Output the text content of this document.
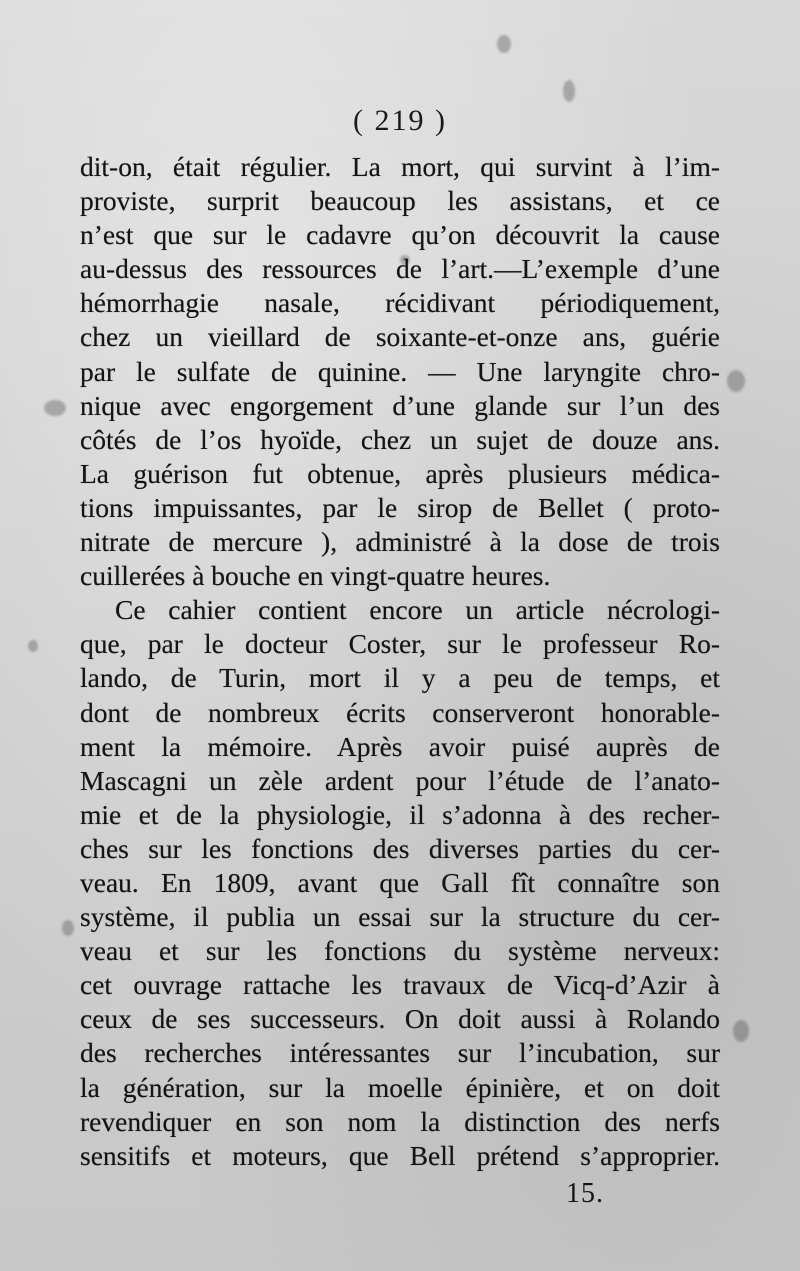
( 219 )
dit-on, était régulier. La mort, qui survint à l’im-
proviste, surprit beaucoup les assistans, et ce
n’est que sur le cadavre qu’on découvrit la cause
au-dessus des ressources de l’art.—L’exemple d’une
hémorrhagie nasale, récidivant périodiquement,
chez un vieillard de soixante-et-onze ans, guérie
par le sulfate de quinine. — Une laryngite chro-
nique avec engorgement d’une glande sur l’un des
côtés de l’os hyoïde, chez un sujet de douze ans.
La guérison fut obtenue, après plusieurs médica-
tions impuissantes, par le sirop de Bellet ( proto-
nitrate de mercure ), administré à la dose de trois
cuillerées à bouche en vingt-quatre heures.
Ce cahier contient encore un article nécrologi-
que, par le docteur Coster, sur le professeur Ro-
lando, de Turin, mort il y a peu de temps, et
dont de nombreux écrits conserveront honorable-
ment la mémoire. Après avoir puisé auprès de
Mascagni un zèle ardent pour l’étude de l’anato-
mie et de la physiologie, il s’adonna à des recher-
ches sur les fonctions des diverses parties du cer-
veau. En 1809, avant que Gall fît connaître son
système, il publia un essai sur la structure du cer-
veau et sur les fonctions du système nerveux:
cet ouvrage rattache les travaux de Vicq-d’Azir à
ceux de ses successeurs. On doit aussi à Rolando
des recherches intéressantes sur l’incubation, sur
la génération, sur la moelle épinière, et on doit
revendiquer en son nom la distinction des nerfs
sensitifs et moteurs, que Bell prétend s’approprier.
15.
